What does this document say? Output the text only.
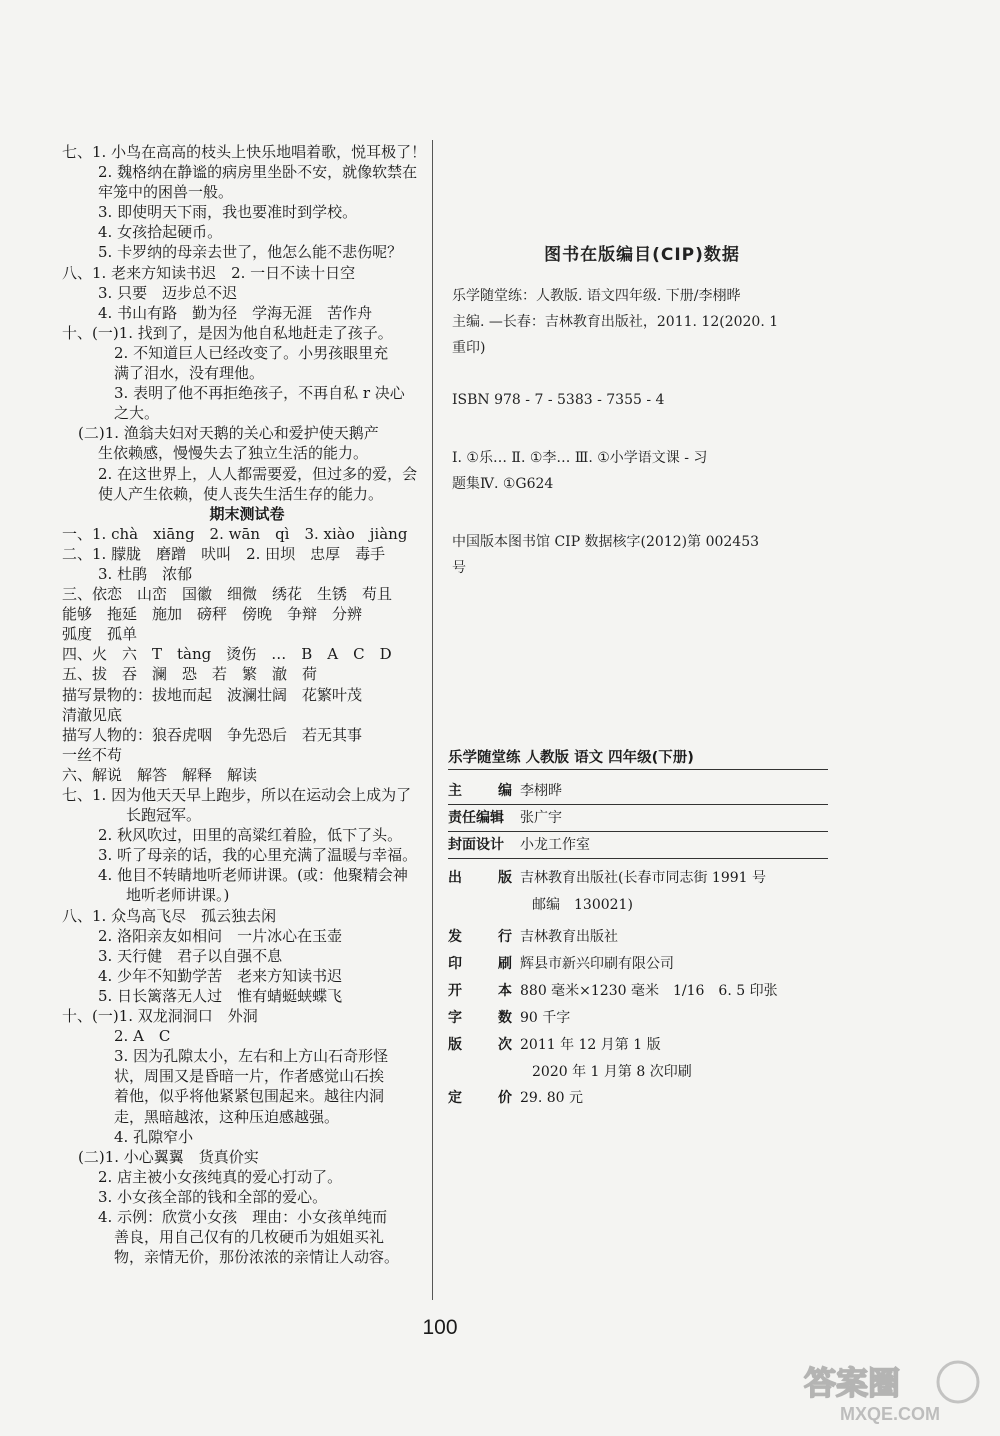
七、1. 小鸟在高高的枝头上快乐地唱着歌，悦耳极了！
2. 魏格纳在静谧的病房里坐卧不安，就像软禁在
牢笼中的困兽一般。
3. 即使明天下雨，我也要准时到学校。
4. 女孩拾起硬币。
5. 卡罗纳的母亲去世了，他怎么能不悲伤呢？
八、1. 老来方知读书迟　2. 一日不读十日空
3. 只要　迈步总不迟
4. 书山有路　勤为径　学海无涯　苦作舟
十、(一)1. 找到了，是因为他自私地赶走了孩子。
2. 不知道巨人已经改变了。小男孩眼里充
满了泪水，没有理他。
3. 表明了他不再拒绝孩子，不再自私 r 决心
之大。
(二)1. 渔翁夫妇对天鹅的关心和爱护使天鹅产
生依赖感，慢慢失去了独立生活的能力。
2. 在这世界上，人人都需要爱，但过多的爱，会
使人产生依赖，使人丧失生活生存的能力。
期末测试卷
一、1. chà　xiāng　2. wān　qì　3. xiào　jiàng
二、1. 朦胧　磨蹭　吠叫　2. 田坝　忠厚　毒手
3. 杜鹃　浓郁
三、依恋　山峦　国徽　细微　绣花　生锈　苟且
能够　拖延　施加　磅秤　傍晚　争辩　分辨
弧度　孤单
四、火　六　T　tàng　烫伤　…　B　A　C　D
五、拔　吞　澜　恐　若　繁　澈　荷
描写景物的：拔地而起　波澜壮阔　花繁叶茂
清澈见底
描写人物的：狼吞虎咽　争先恐后　若无其事
一丝不苟
六、解说　解答　解释　解读
七、1. 因为他天天早上跑步，所以在运动会上成为了
长跑冠军。
2. 秋风吹过，田里的高粱红着脸，低下了头。
3. 听了母亲的话，我的心里充满了温暖与幸福。
4. 他目不转睛地听老师讲课。(或：他聚精会神
地听老师讲课。)
八、1. 众鸟高飞尽　孤云独去闲
2. 洛阳亲友如相问　一片冰心在玉壶
3. 天行健　君子以自强不息
4. 少年不知勤学苦　老来方知读书迟
5. 日长篱落无人过　惟有蜻蜓蛱蝶飞
十、(一)1. 双龙洞洞口　外洞
2. A　C
3. 因为孔隙太小，左右和上方山石奇形怪
状，周围又是昏暗一片，作者感觉山石挨
着他，似乎将他紧紧包围起来。越往内洞
走，黑暗越浓，这种压迫感越强。
4. 孔隙窄小
(二)1. 小心翼翼　货真价实
2. 店主被小女孩纯真的爱心打动了。
3. 小女孩全部的钱和全部的爱心。
4. 示例：欣赏小女孩　理由：小女孩单纯而
善良，用自己仅有的几枚硬币为姐姐买礼
物，亲情无价，那份浓浓的亲情让人动容。
图书在版编目(CIP)数据

乐学随堂练：人教版. 语文四年级. 下册/李栩晔

主编. —长春：吉林教育出版社，2011. 12(2020. 1

重印)

ISBN 978 - 7 - 5383 - 7355 - 4

Ⅰ. ①乐… Ⅱ. ①李… Ⅲ. ①小学语文课 - 习

题集Ⅳ. ①G624

中国版本图书馆 CIP 数据核字(2012)第 002453

号

乐学随堂练 人教版 语文 四年级(下册)
主	编 李栩晔
责任编辑	张广宇
封面设计	小龙工作室
出	版 吉林教育出版社(长春市同志街 1991 号
邮编　130021)
发	行 吉林教育出版社
印	刷 辉县市新兴印刷有限公司
开	本 880 毫米×1230 毫米　1/16　6. 5 印张
字	数 90 千字
版	次 2011 年 12 月第 1 版
2020 年 1 月第 8 次印刷
定	价 29. 80 元
100
答案圈
MXQE.COM
